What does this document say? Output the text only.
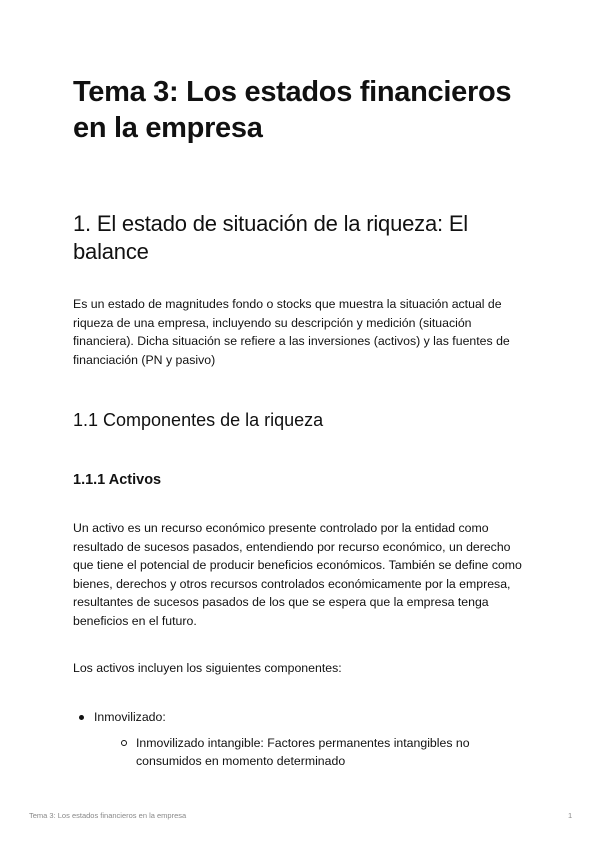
Tema 3: Los estados financieros en la empresa
1. El estado de situación de la riqueza: El balance

Es un estado de magnitudes fondo o stocks que muestra la situación actual de riqueza de una empresa, incluyendo su descripción y medición (situación financiera). Dicha situación se refiere a las inversiones (activos) y las fuentes de financiación (PN y pasivo)

1.1 Componentes de la riqueza
1.1.1 Activos

Un activo es un recurso económico presente controlado por la entidad como resultado de sucesos pasados, entendiendo por recurso económico, un derecho que tiene el potencial de producir beneficios económicos. También se define como bienes, derechos y otros recursos controlados económicamente por la empresa, resultantes de sucesos pasados de los que se espera que la empresa tenga beneficios en el futuro.

Los activos incluyen los siguientes componentes:

Inmovilizado:
Inmovilizado intangible: Factores permanentes intangibles no consumidos en momento determinado
Tema 3: Los estados financieros en la empresa	1
